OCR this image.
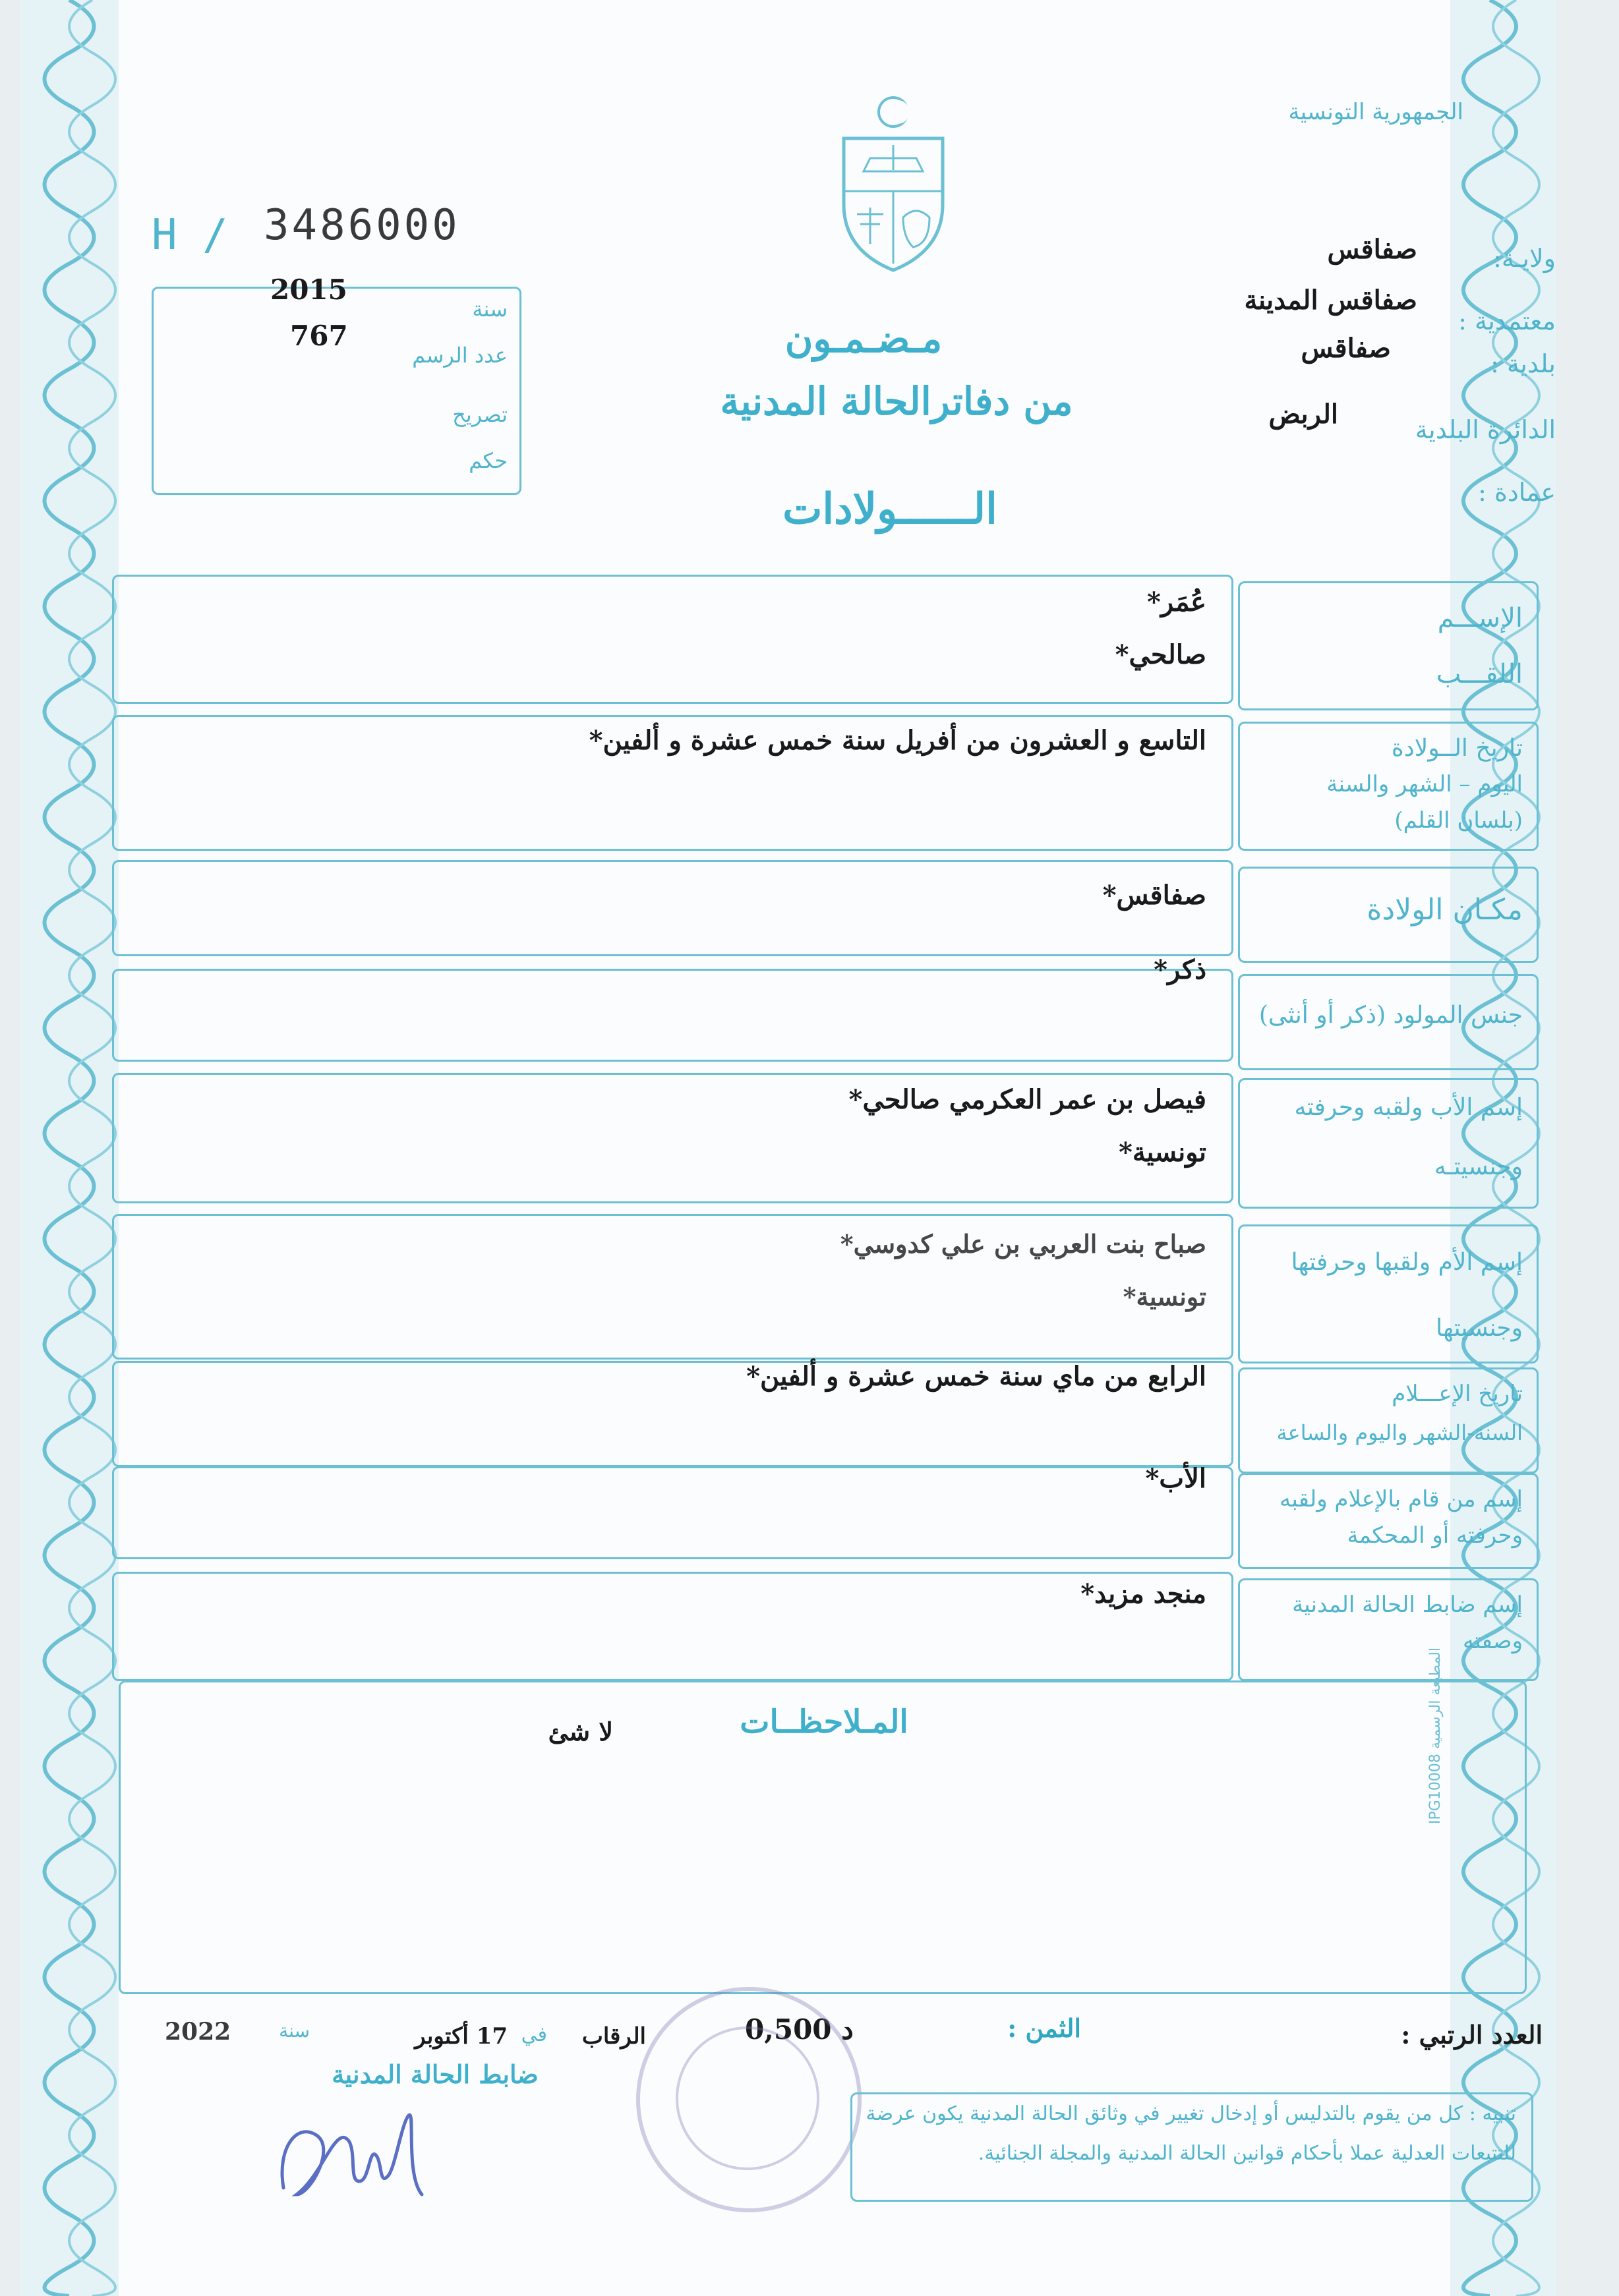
الجمهورية التونسية
H / 3486000
2015
767
سنة
عدد الرسم
تصريح
حكم
مـضـمـون
من دفاترالحالة المدنية
الــــــولادات
ولايـة:
صفاقس
معتمدية :
صفاقس المدينة
بلدية :
صفاقس
الدائرة البلدية
الربض
عمادة :
الإســـم
اللقـــب
عُمَر*
صالحي*
تاريخ الــولادة
اليوم – الشهر والسنة
(بلسان القلم)
التاسع و العشرون من أفريل سنة خمس عشرة و ألفين*
مكـان الولادة
صفاقس*
جنس المولود (ذكر أو أنثى)
ذكر*
إسم الأب ولقبه وحرفته
وجنسيتـه
فيصل بن عمر العكرمي صالحي*
تونسية*
إسم الأم ولقبها وحرفتها
وجنسيتها
صباح بنت العربي بن علي كدوسي*
تونسية*
تاريخ الإعـــلام
السنة-الشهر واليوم والساعة
الرابع من ماي سنة خمس عشرة و ألفين*
إسم من قام بالإعلام ولقبه
وحرفته أو المحكمة
الأب*
إسم ضابط الحالة المدنية
وصفته
منجد مزيد*
المـلاحظــات
لا شئ
المطبعة الرسمية IPG10008
العدد الرتبي :
الثمن :
0,500 د
الرقاب
في
17 أكتوبر
سنة
2022
ضابط الحالة المدنية
تنبيه : كل من يقوم بالتدليس أو إدخال تغيير في وثائق الحالة المدنية يكون عرضة
للتتبعات العدلية عملا بأحكام قوانين الحالة المدنية والمجلة الجنائية.
